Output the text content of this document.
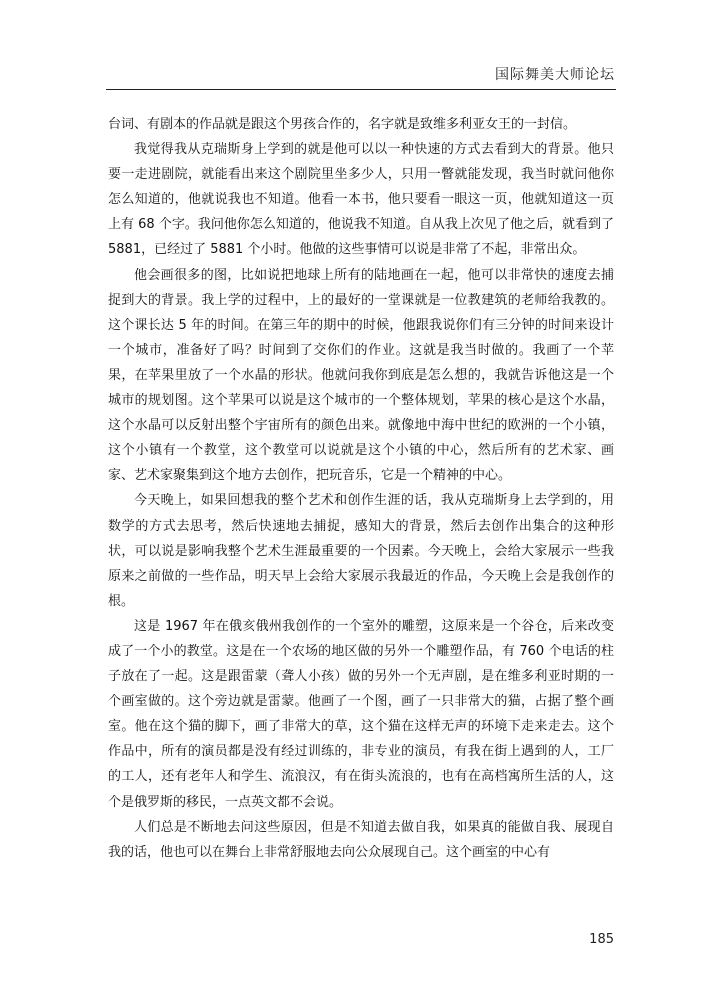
国际舞美大师论坛

台词、有剧本的作品就是跟这个男孩合作的，名字就是致维多利亚女王的一封信。

我觉得我从克瑞斯身上学到的就是他可以以一种快速的方式去看到大的背景。他只要一走进剧院，就能看出来这个剧院里坐多少人，只用一瞥就能发现，我当时就问他你怎么知道的，他就说我也不知道。他看一本书，他只要看一眼这一页，他就知道这一页上有 68 个字。我问他你怎么知道的，他说我不知道。自从我上次见了他之后，就看到了 5881，已经过了 5881 个小时。他做的这些事情可以说是非常了不起，非常出众。

他会画很多的图，比如说把地球上所有的陆地画在一起，他可以非常快的速度去捕捉到大的背景。我上学的过程中，上的最好的一堂课就是一位教建筑的老师给我教的。这个课长达 5 年的时间。在第三年的期中的时候，他跟我说你们有三分钟的时间来设计一个城市，准备好了吗？时间到了交你们的作业。这就是我当时做的。我画了一个苹果，在苹果里放了一个水晶的形状。他就问我你到底是怎么想的，我就告诉他这是一个城市的规划图。这个苹果可以说是这个城市的一个整体规划，苹果的核心是这个水晶，这个水晶可以反射出整个宇宙所有的颜色出来。就像地中海中世纪的欧洲的一个小镇，这个小镇有一个教堂，这个教堂可以说就是这个小镇的中心，然后所有的艺术家、画家、艺术家聚集到这个地方去创作，把玩音乐，它是一个精神的中心。

今天晚上，如果回想我的整个艺术和创作生涯的话，我从克瑞斯身上去学到的，用数学的方式去思考，然后快速地去捕捉，感知大的背景，然后去创作出集合的这种形状，可以说是影响我整个艺术生涯最重要的一个因素。今天晚上，会给大家展示一些我原来之前做的一些作品，明天早上会给大家展示我最近的作品，今天晚上会是我创作的根。

这是 1967 年在俄亥俄州我创作的一个室外的雕塑，这原来是一个谷仓，后来改变成了一个小的教堂。这是在一个农场的地区做的另外一个雕塑作品，有 760 个电话的柱子放在了一起。这是跟雷蒙（聋人小孩）做的另外一个无声剧，是在维多利亚时期的一个画室做的。这个旁边就是雷蒙。他画了一个图，画了一只非常大的猫，占据了整个画室。他在这个猫的脚下，画了非常大的草，这个猫在这样无声的环境下走来走去。这个作品中，所有的演员都是没有经过训练的，非专业的演员，有我在街上遇到的人，工厂的工人，还有老年人和学生、流浪汉，有在街头流浪的，也有在高档寓所生活的人，这个是俄罗斯的移民，一点英文都不会说。

人们总是不断地去问这些原因，但是不知道去做自我，如果真的能做自我、展现自我的话，他也可以在舞台上非常舒服地去向公众展现自己。这个画室的中心有

185
